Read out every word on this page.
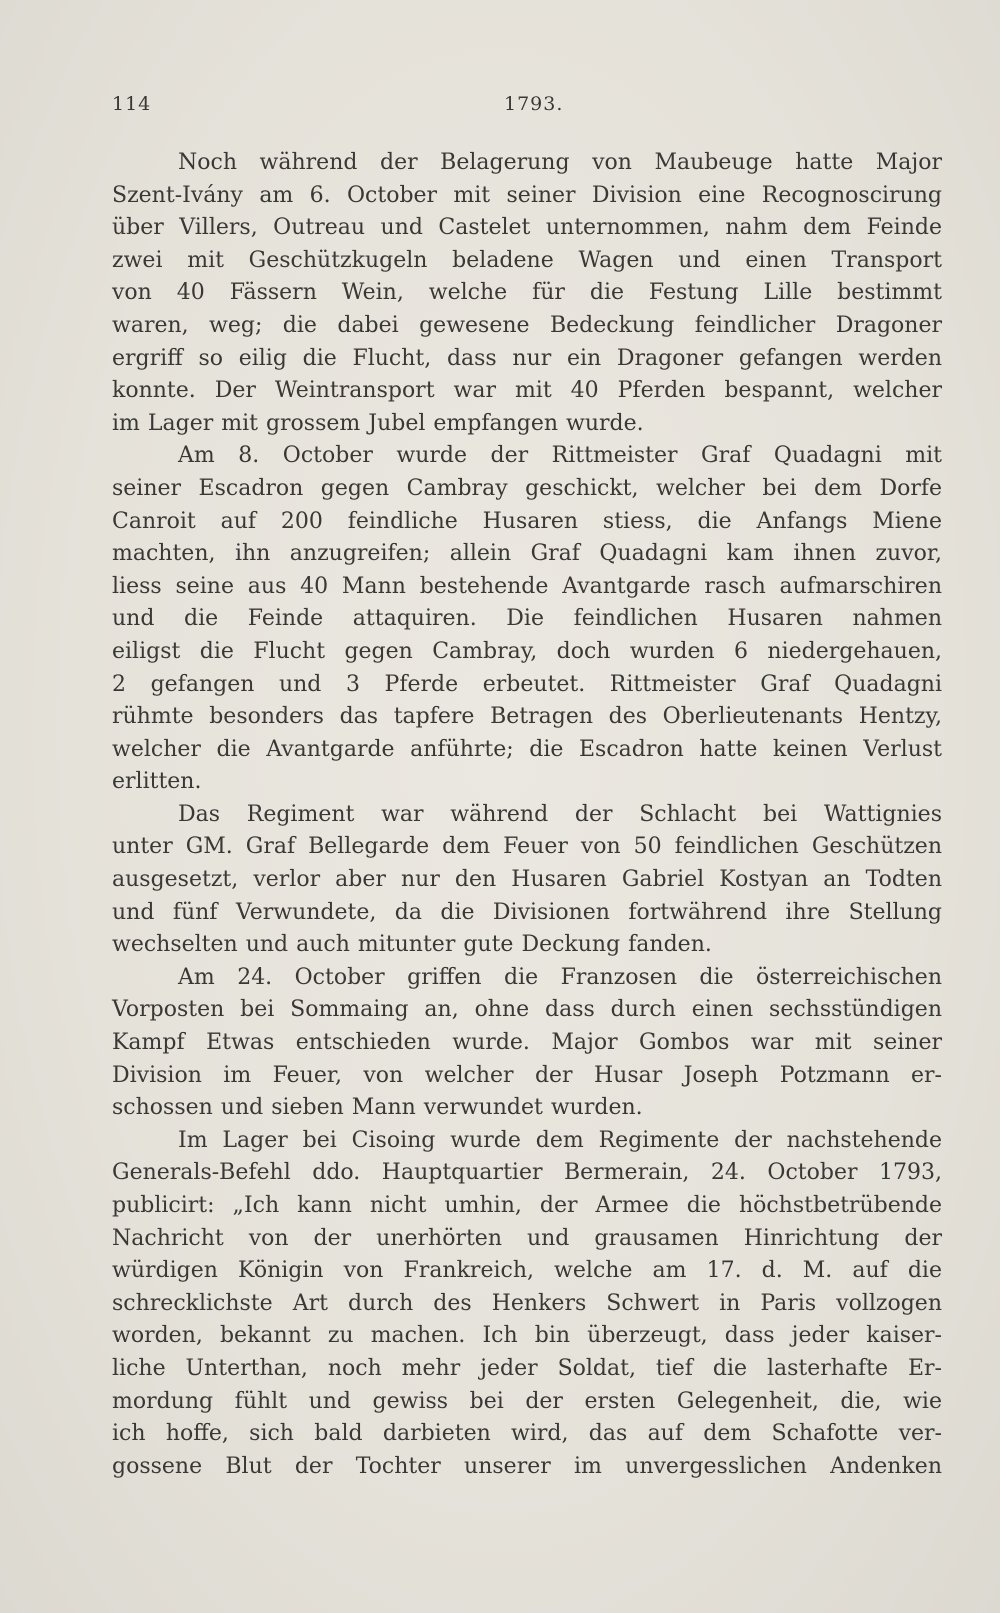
114	1793.
Noch während der Belagerung von Maubeuge hatte Major
Szent-Ivány am 6. October mit seiner Division eine Recognoscirung
über Villers, Outreau und Castelet unternommen, nahm dem Feinde
zwei mit Geschützkugeln beladene Wagen und einen Transport
von 40 Fässern Wein, welche für die Festung Lille bestimmt
waren, weg; die dabei gewesene Bedeckung feindlicher Dragoner
ergriff so eilig die Flucht, dass nur ein Dragoner gefangen werden
konnte. Der Weintransport war mit 40 Pferden bespannt, welcher
im Lager mit grossem Jubel empfangen wurde.
Am 8. October wurde der Rittmeister Graf Quadagni mit
seiner Escadron gegen Cambray geschickt, welcher bei dem Dorfe
Canroit auf 200 feindliche Husaren stiess, die Anfangs Miene
machten, ihn anzugreifen; allein Graf Quadagni kam ihnen zuvor,
liess seine aus 40 Mann bestehende Avantgarde rasch aufmarschiren
und die Feinde attaquiren. Die feindlichen Husaren nahmen
eiligst die Flucht gegen Cambray, doch wurden 6 niedergehauen,
2 gefangen und 3 Pferde erbeutet. Rittmeister Graf Quadagni
rühmte besonders das tapfere Betragen des Oberlieutenants Hentzy,
welcher die Avantgarde anführte; die Escadron hatte keinen Verlust
erlitten.
Das Regiment war während der Schlacht bei Wattignies
unter GM. Graf Bellegarde dem Feuer von 50 feindlichen Geschützen
ausgesetzt, verlor aber nur den Husaren Gabriel Kostyan an Todten
und fünf Verwundete, da die Divisionen fortwährend ihre Stellung
wechselten und auch mitunter gute Deckung fanden.
Am 24. October griffen die Franzosen die österreichischen
Vorposten bei Sommaing an, ohne dass durch einen sechsstündigen
Kampf Etwas entschieden wurde. Major Gombos war mit seiner
Division im Feuer, von welcher der Husar Joseph Potzmann er-
schossen und sieben Mann verwundet wurden.
Im Lager bei Cisoing wurde dem Regimente der nachstehende
Generals-Befehl ddo. Hauptquartier Bermerain, 24. October 1793,
publicirt: „Ich kann nicht umhin, der Armee die höchstbetrübende
Nachricht von der unerhörten und grausamen Hinrichtung der
würdigen Königin von Frankreich, welche am 17. d. M. auf die
schrecklichste Art durch des Henkers Schwert in Paris vollzogen
worden, bekannt zu machen. Ich bin überzeugt, dass jeder kaiser-
liche Unterthan, noch mehr jeder Soldat, tief die lasterhafte Er-
mordung fühlt und gewiss bei der ersten Gelegenheit, die, wie
ich hoffe, sich bald darbieten wird, das auf dem Schafotte ver-
gossene Blut der Tochter unserer im unvergesslichen Andenken
